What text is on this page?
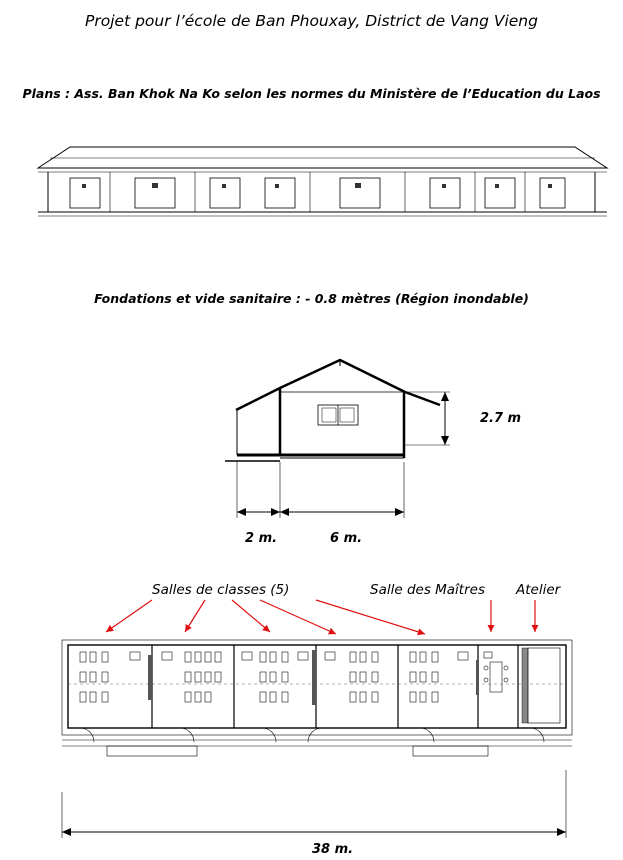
Projet pour l’école de Ban Phouxay, District de Vang Vieng
Plans : Ass. Ban Khok Na Ko selon les normes du Ministère de l’Education du Laos
Fondations et vide sanitaire : - 0.8 mètres (Région inondable)
2.7 m
2 m.	6 m.
Salles de classes (5)	Salle des Maîtres Atelier
38 m.
